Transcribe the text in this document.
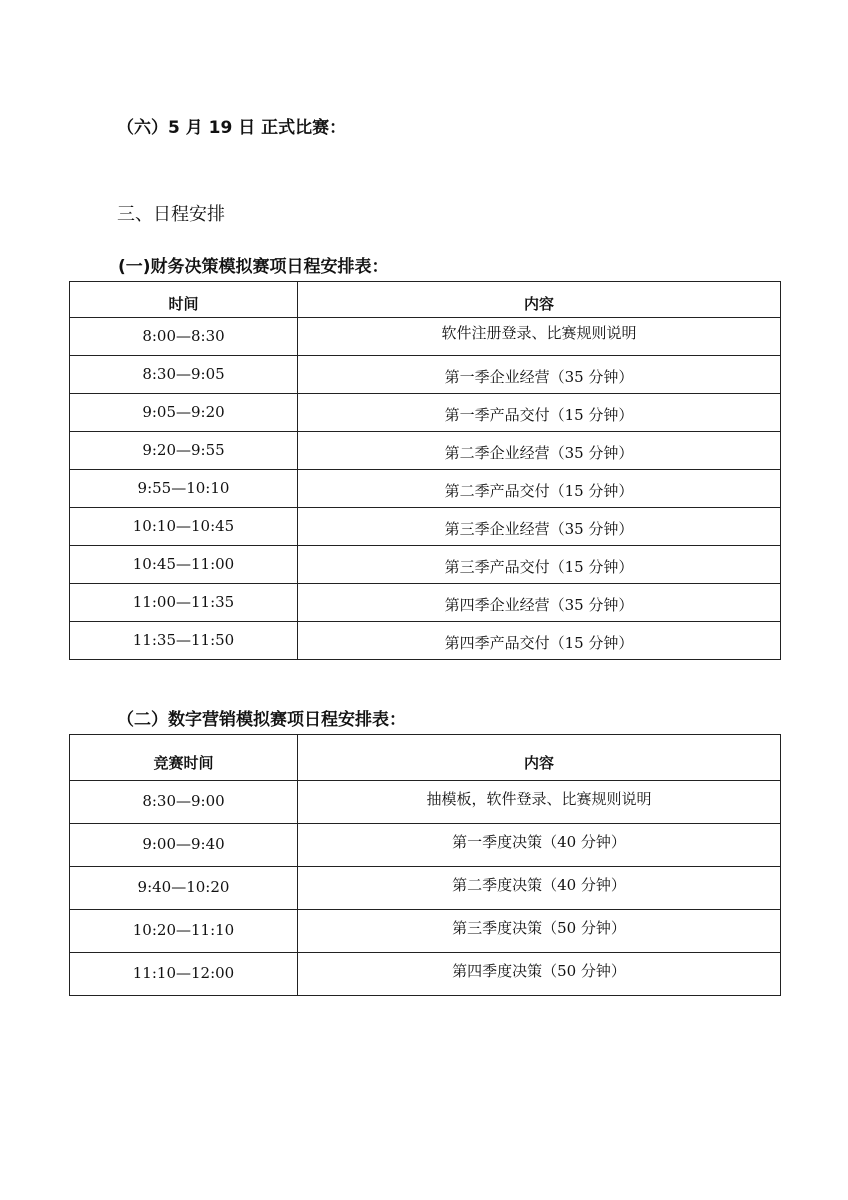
（六）5 月 19 日 正式比赛：
三、日程安排
(一)财务决策模拟赛项日程安排表：
时间	内容
8:00—8:30	软件注册登录、比赛规则说明
8:30—9:05	第一季企业经营（35 分钟）
9:05—9:20	第一季产品交付（15 分钟）
9:20—9:55	第二季企业经营（35 分钟）
9:55—10:10	第二季产品交付（15 分钟）
10:10—10:45	第三季企业经营（35 分钟）
10:45—11:00	第三季产品交付（15 分钟）
11:00—11:35	第四季企业经营（35 分钟）
11:35—11:50	第四季产品交付（15 分钟）
（二）数字营销模拟赛项日程安排表：
竞赛时间	内容
8:30—9:00	抽模板，软件登录、比赛规则说明
9:00—9:40	第一季度决策（40 分钟）
9:40—10:20	第二季度决策（40 分钟）
10:20—11:10	第三季度决策（50 分钟）
11:10—12:00	第四季度决策（50 分钟）
